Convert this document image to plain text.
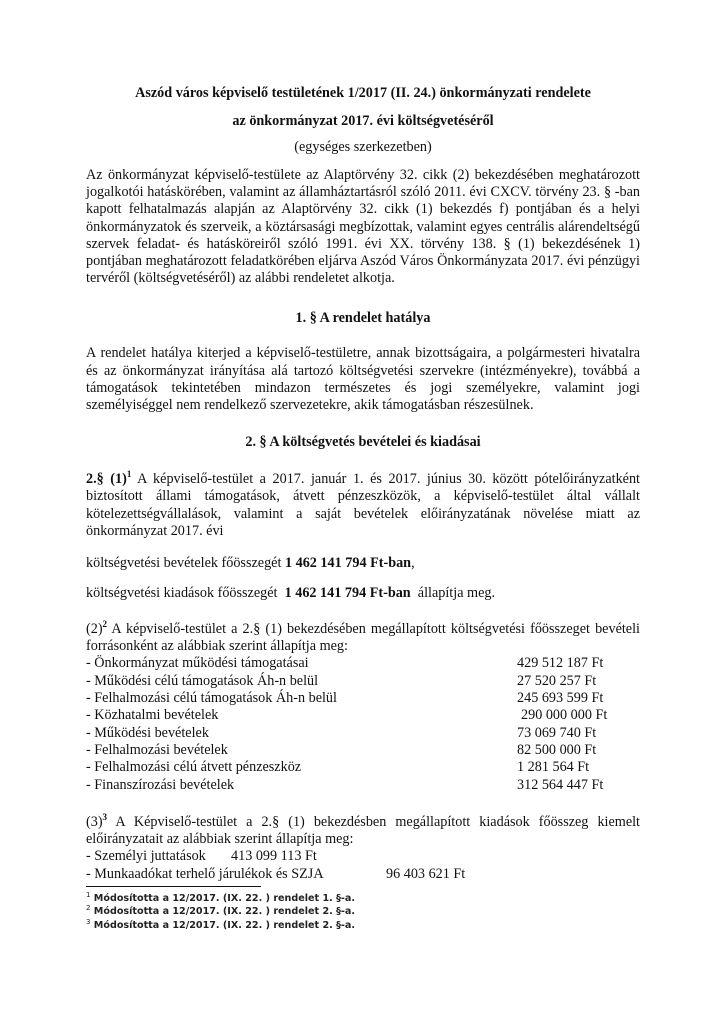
Aszód város képviselő testületének 1/2017 (II. 24.) önkormányzati rendelete
az önkormányzat 2017. évi költségvetéséről
(egységes szerkezetben)

Az önkormányzat képviselő-testülete az Alaptörvény 32. cikk (2) bekezdésében meghatározott jogalkotói hatáskörében, valamint az államháztartásról szóló 2011. évi CXCV. törvény 23. § -ban kapott felhatalmazás alapján az Alaptörvény 32. cikk (1) bekezdés f) pontjában és a helyi önkormányzatok és szerveik, a köztársasági megbízottak, valamint egyes centrális alárendeltségű szervek feladat- és hatásköreiről szóló 1991. évi XX. törvény 138. § (1) bekezdésének 1) pontjában meghatározott feladatkörében eljárva Aszód Város Önkormányzata 2017. évi pénzügyi tervéről (költségvetéséről) az alábbi rendeletet alkotja.

1. § A rendelet hatálya

A rendelet hatálya kiterjed a képviselő-testületre, annak bizottságaira, a polgármesteri hivatalra és az önkormányzat irányítása alá tartozó költségvetési szervekre (intézményekre), továbbá a támogatások tekintetében mindazon természetes és jogi személyekre, valamint jogi személyiséggel nem rendelkező szervezetekre, akik támogatásban részesülnek.

2. § A költségvetés bevételei és kiadásai

2.§ $(1)^1$ A képviselő-testület a 2017. január 1. és 2017. június 30. között pótelőirányzatként biztosított állami támogatások, átvett pénzeszközök, a képviselő-testület által vállalt kötelezettségvállalások, valamint a saját bevételek előirányzatának növelése miatt az önkormányzat 2017. évi

költségvetési bevételek főösszegét 1 462 141 794 Ft-ban,
költségvetési kiadások főösszegét  1 462 141 794 Ft-ban  állapítja meg.

$(2)^2$ A képviselő-testület a 2.§ (1) bekezdésében megállapított költségvetési főösszeget bevételi forrásonként az alábbiak szerint állapítja meg:

- Önkormányzat működési támogatásai	429 512 187 Ft
- Működési célú támogatások Áh-n belül	27 520 257 Ft
- Felhalmozási célú támogatások Áh-n belül	245 693 599 Ft
- Közhatalmi bevételek	290 000 000 Ft
- Működési bevételek	73 069 740 Ft
- Felhalmozási bevételek	82 500 000 Ft
- Felhalmozási célú átvett pénzeszköz	1 281 564 Ft
- Finanszírozási bevételek	312 564 447 Ft

$(3)^3$ A Képviselő-testület a 2.§ (1) bekezdésben megállapított kiadások főösszeg kiemelt előirányzatait az alábbiak szerint állapítja meg:

- Személyi juttatások 413 099 113 Ft
- Munkaadókat terhelő járulékok és SZJA	96 403 621 Ft
$^1$ Módosította a 12/2017. (IX. 22. ) rendelet 1. §-a.
$^2$ Módosította a 12/2017. (IX. 22. ) rendelet 2. §-a.
$^3$ Módosította a 12/2017. (IX. 22. ) rendelet 2. §-a.
